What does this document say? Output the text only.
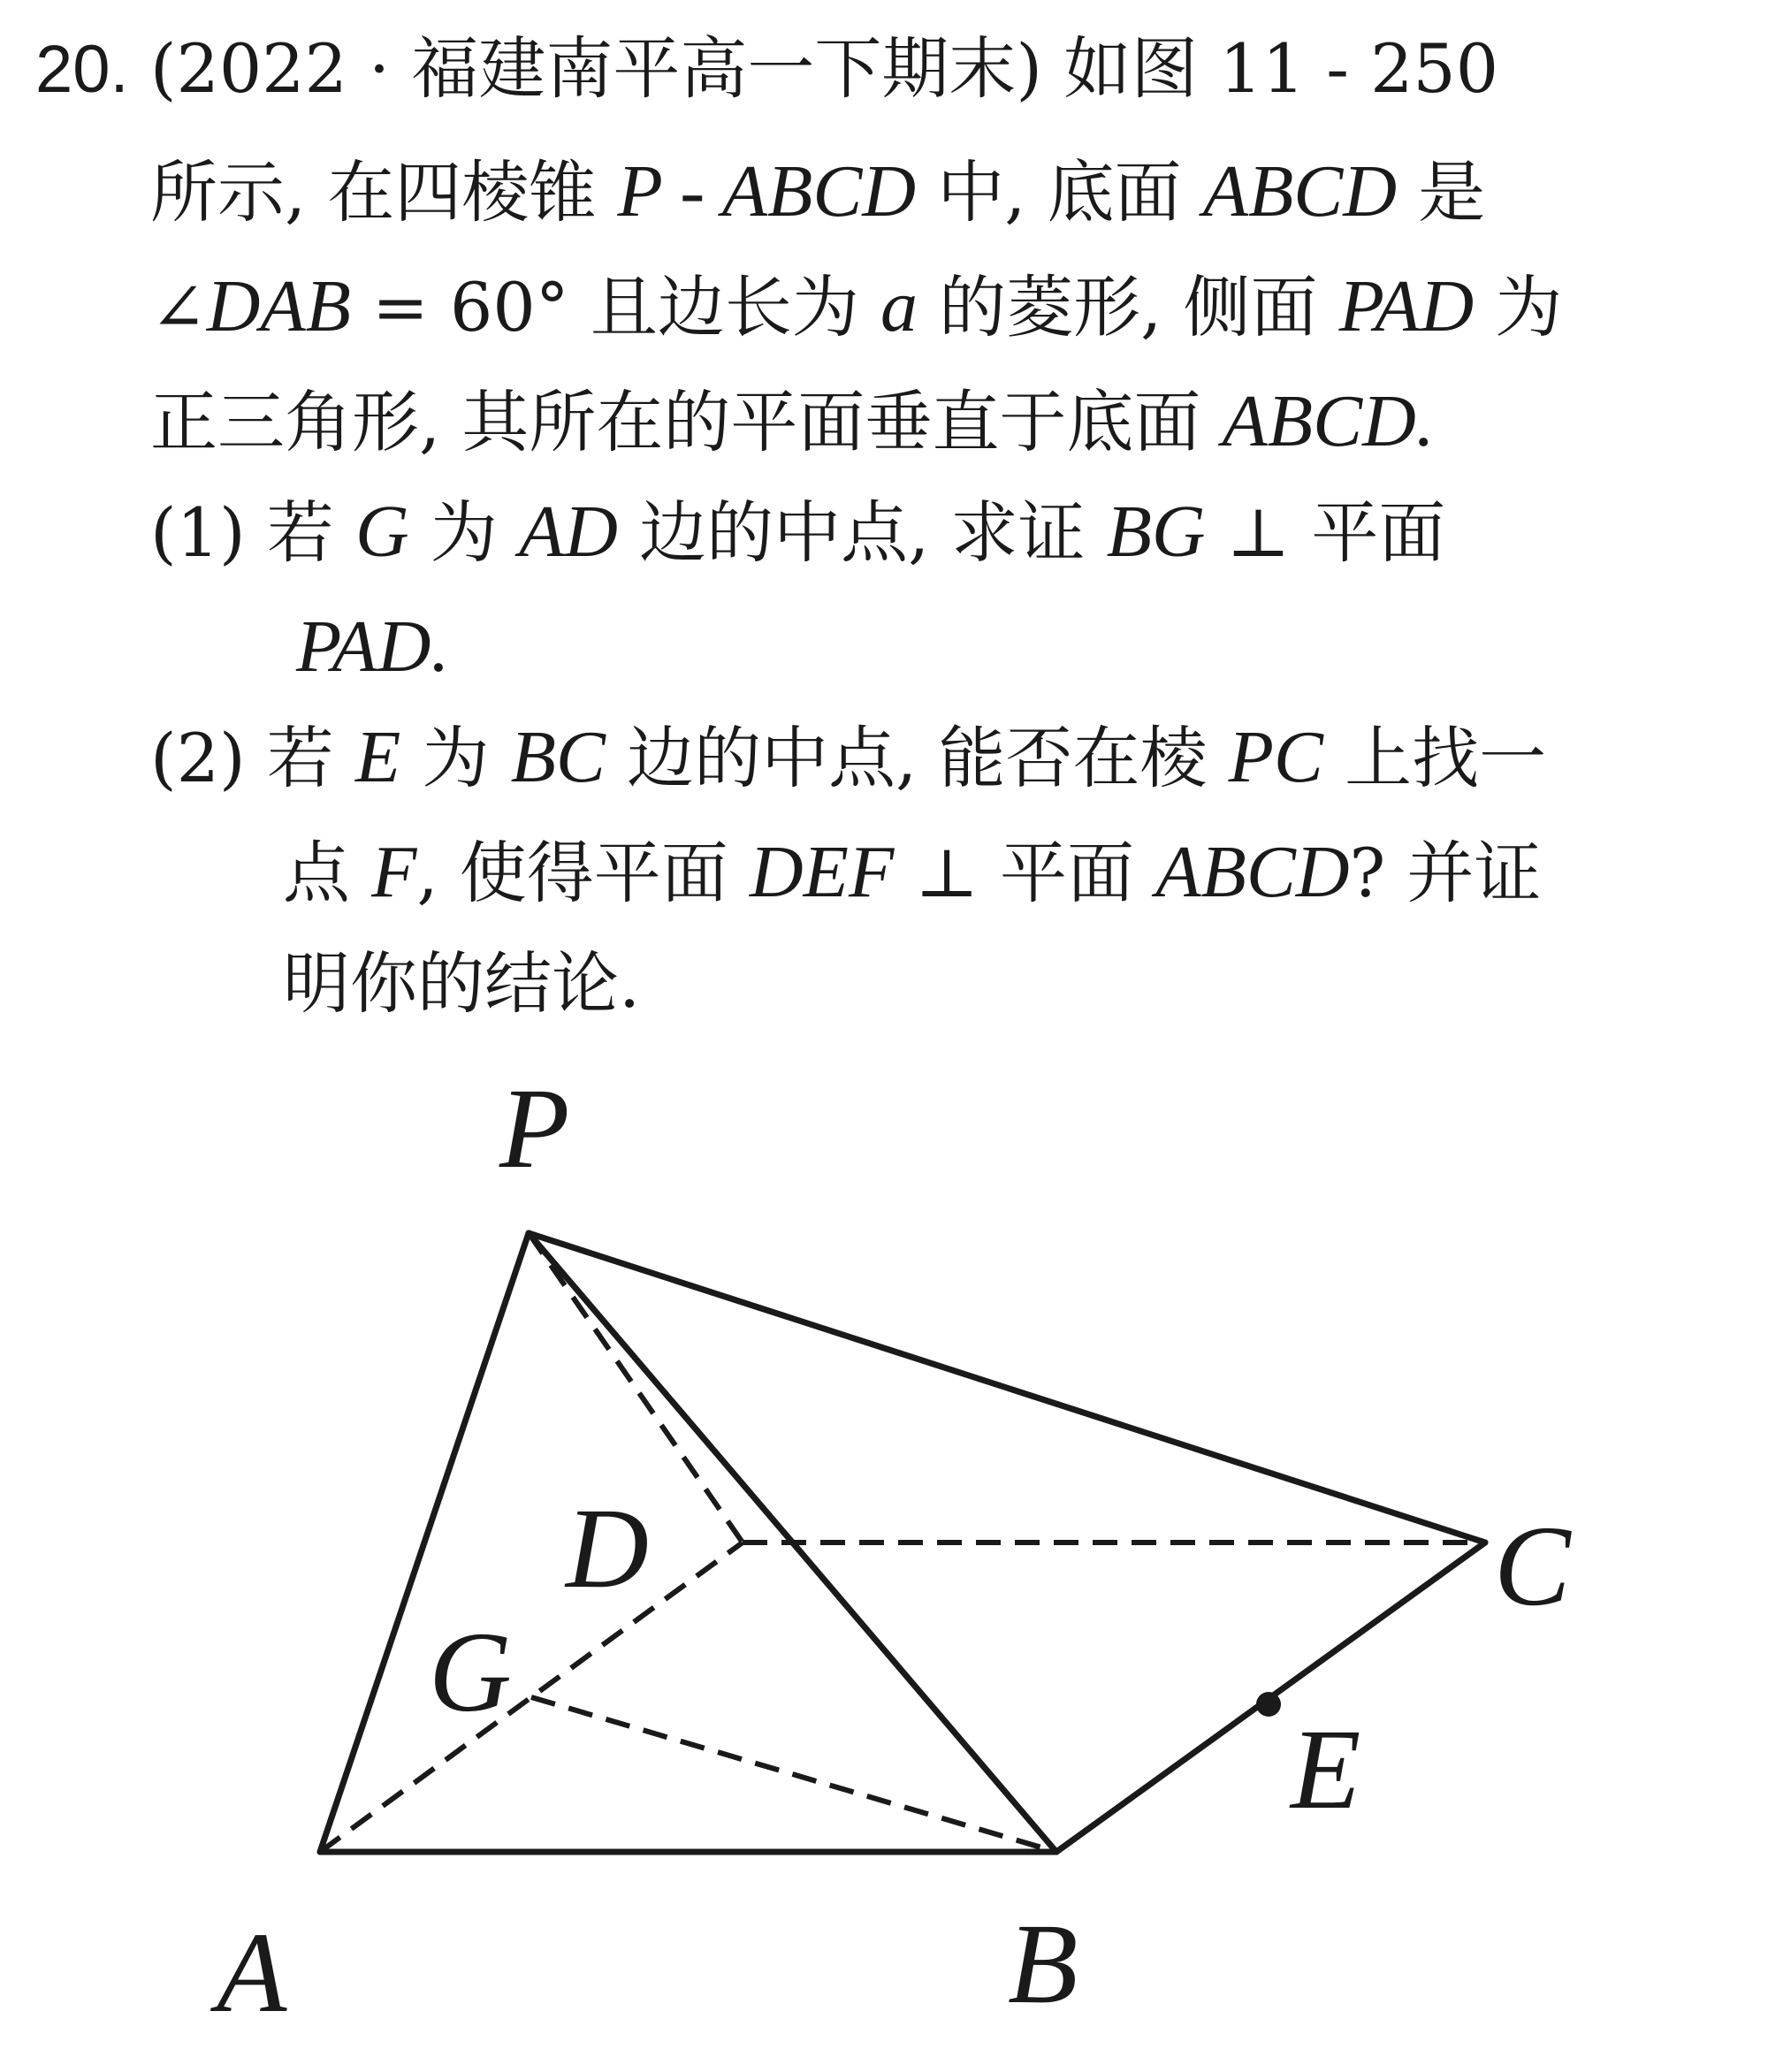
20. (2022 · 福建南平高一下期末) 如图 11 - 250
所示, 在四棱锥 P - ABCD 中, 底面 ABCD 是
∠DAB = 60° 且边长为 a 的菱形, 侧面 PAD 为
正三角形, 其所在的平面垂直于底面 ABCD.
(1) 若 G 为 AD 边的中点, 求证 BG ⊥ 平面
PAD.
(2) 若 E 为 BC 边的中点, 能否在棱 PC 上找一
点 F, 使得平面 DEF ⊥ 平面 ABCD? 并证
明你的结论.
P
D
G
C
E
A	B
